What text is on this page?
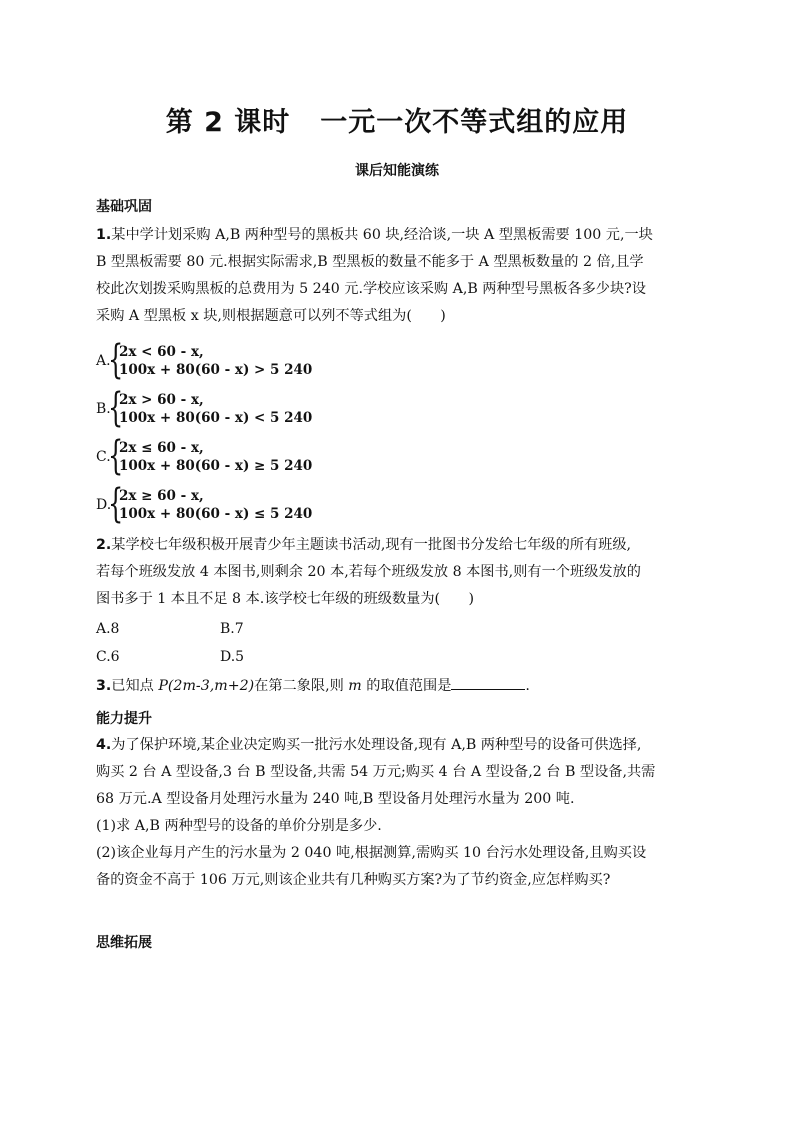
第 2 课时 一元一次不等式组的应用
课后知能演练
基础巩固
1.某中学计划采购 A,B 两种型号的黑板共 60 块,经洽谈,一块 A 型黑板需要 100 元,一块
B 型黑板需要 80 元.根据实际需求,B 型黑板的数量不能多于 A 型黑板数量的 2 倍,且学
校此次划拨采购黑板的总费用为 5 240 元.学校应该采购 A,B 两种型号黑板各多少块?设
采购 A 型黑板 x 块,则根据题意可以列不等式组为(　　)
A.
{
2x < 60 - x,
100x + 80(60 - x) > 5 240
B.
{
2x > 60 - x,
100x + 80(60 - x) < 5 240
C.
{
2x ≤ 60 - x,
100x + 80(60 - x) ≥ 5 240
D.
{
2x ≥ 60 - x,
100x + 80(60 - x) ≤ 5 240
2.某学校七年级积极开展青少年主题读书活动,现有一批图书分发给七年级的所有班级,
若每个班级发放 4 本图书,则剩余 20 本,若每个班级发放 8 本图书,则有一个班级发放的
图书多于 1 本且不足 8 本.该学校七年级的班级数量为(　　)
A.8	B.7
C.6	D.5
3.已知点 P(2m-3,m+2)在第二象限,则 m 的取值范围是	.
能力提升
4.为了保护环境,某企业决定购买一批污水处理设备,现有 A,B 两种型号的设备可供选择,
购买 2 台 A 型设备,3 台 B 型设备,共需 54 万元;购买 4 台 A 型设备,2 台 B 型设备,共需
68 万元.A 型设备月处理污水量为 240 吨,B 型设备月处理污水量为 200 吨.
(1)求 A,B 两种型号的设备的单价分别是多少.
(2)该企业每月产生的污水量为 2 040 吨,根据测算,需购买 10 台污水处理设备,且购买设
备的资金不高于 106 万元,则该企业共有几种购买方案?为了节约资金,应怎样购买?
思维拓展
